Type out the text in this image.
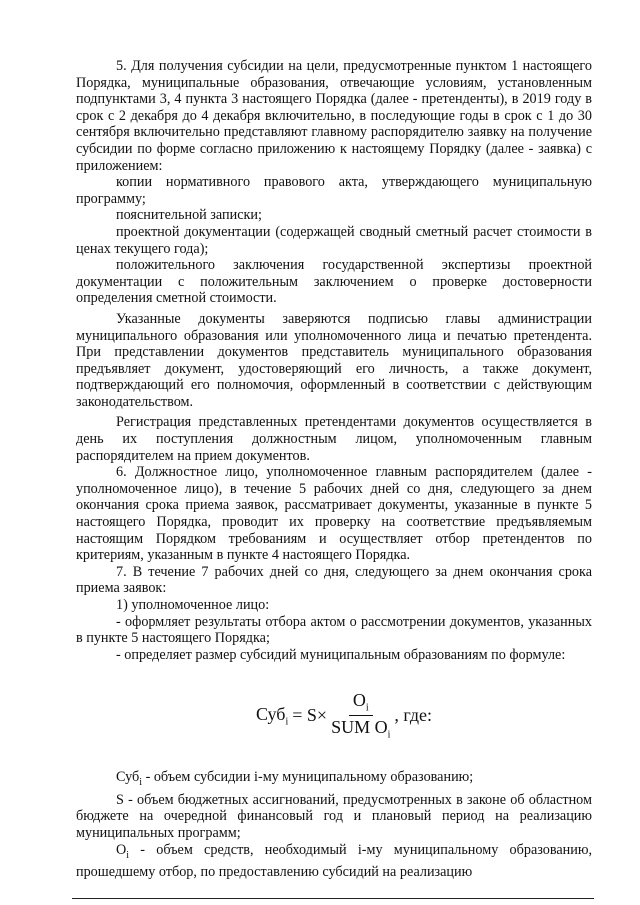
5. Для получения субсидии на цели, предусмотренные пунктом 1 настоящего Порядка, муниципальные образования, отвечающие условиям, установленным подпунктами 3, 4 пункта 3 настоящего Порядка (далее - претенденты), в 2019 году в срок с 2 декабря до 4 декабря включительно, в последующие годы в срок с 1 до 30 сентября включительно представляют главному распорядителю заявку на получение субсидии по форме согласно приложению к настоящему Порядку (далее - заявка) с приложением:

копии нормативного правового акта, утверждающего муниципальную программу;

пояснительной записки;

проектной документации (содержащей сводный сметный расчет стоимости в ценах текущего года);

положительного заключения государственной экспертизы проектной документации с положительным заключением о проверке достоверности определения сметной стоимости.

Указанные документы заверяются подписью главы администрации муниципального образования или уполномоченного лица и печатью претендента. При представлении документов представитель муниципального образования предъявляет документ, удостоверяющий его личность, а также документ, подтверждающий его полномочия, оформленный в соответствии с действующим законодательством.

Регистрация представленных претендентами документов осуществляется в день их поступления должностным лицом, уполномоченным главным распорядителем на прием документов.

6. Должностное лицо, уполномоченное главным распорядителем (далее - уполномоченное лицо), в течение 5 рабочих дней со дня, следующего за днем окончания срока приема заявок, рассматривает документы, указанные в пункте 5 настоящего Порядка, проводит их проверку на соответствие предъявляемым настоящим Порядком требованиям и осуществляет отбор претендентов по критериям, указанным в пункте 4 настоящего Порядка.

7. В течение 7 рабочих дней со дня, следующего за днем окончания срока приема заявок:

1) уполномоченное лицо:

- оформляет результаты отбора актом о рассмотрении документов, указанных в пункте 5 настоящего Порядка;

- определяет размер субсидий муниципальным образованиям по формуле:

$Суб_i = S\times \frac{O_i}{SUM O_i}$ , где:

Суб$_i$ - объем субсидии i-му муниципальному образованию;

S - объем бюджетных ассигнований, предусмотренных в законе об областном бюджете на очередной финансовый год и плановый период на реализацию муниципальных программ;

$O_i$ - объем средств, необходимый i-му муниципальному образованию, прошедшему отбор, по предоставлению субсидий на реализацию
